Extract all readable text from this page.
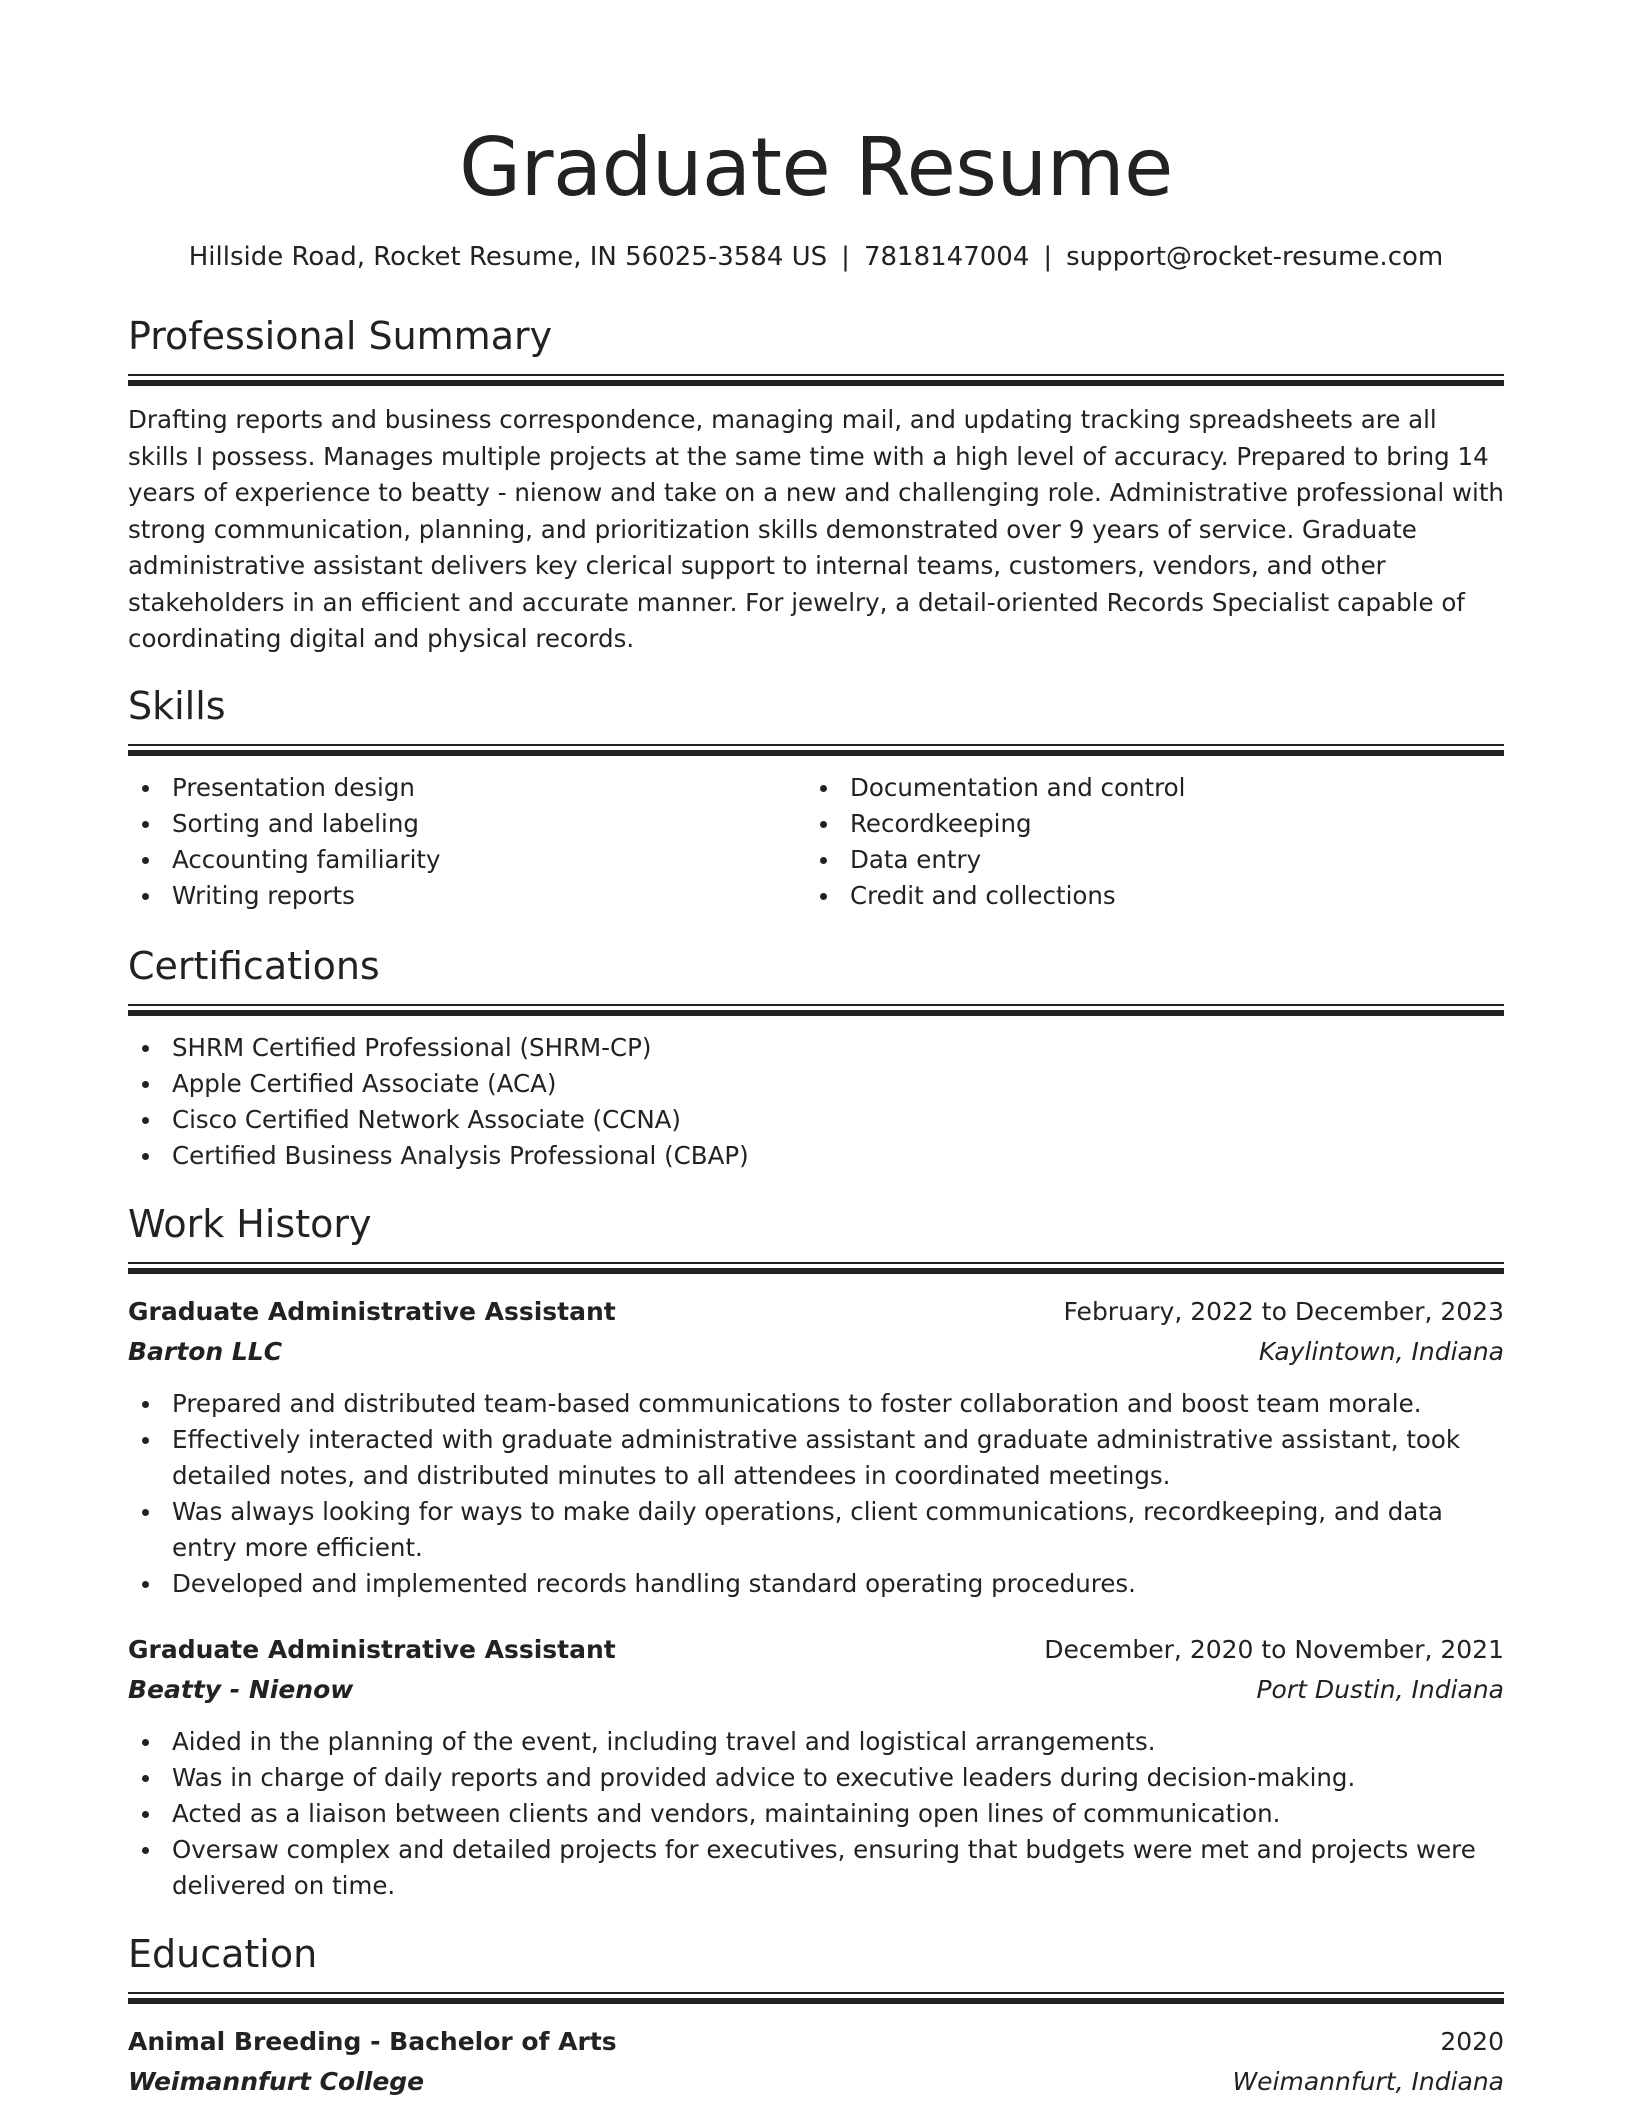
Graduate Resume
Hillside Road, Rocket Resume, IN 56025-3584 US | 7818147004 | support@rocket-resume.com
Professional Summary
Drafting reports and business correspondence, managing mail, and updating tracking spreadsheets are all skills I possess. Manages multiple projects at the same time with a high level of accuracy. Prepared to bring 14 years of experience to beatty - nienow and take on a new and challenging role. Administrative professional with strong communication, planning, and prioritization skills demonstrated over 9 years of service. Graduate administrative assistant delivers key clerical support to internal teams, customers, vendors, and other stakeholders in an efficient and accurate manner. For jewelry, a detail-oriented Records Specialist capable of coordinating digital and physical records.
Skills
Presentation design
Sorting and labeling
Accounting familiarity
Writing reports
Documentation and control
Recordkeeping
Data entry
Credit and collections
Certifications
SHRM Certified Professional (SHRM-CP)
Apple Certified Associate (ACA)
Cisco Certified Network Associate (CCNA)
Certified Business Analysis Professional (CBAP)
Work History
Graduate Administrative Assistant	February, 2022 to December, 2023
Barton LLC	Kaylintown, Indiana
Prepared and distributed team-based communications to foster collaboration and boost team morale.
Effectively interacted with graduate administrative assistant and graduate administrative assistant, took detailed notes, and distributed minutes to all attendees in coordinated meetings.
Was always looking for ways to make daily operations, client communications, recordkeeping, and data entry more efficient.
Developed and implemented records handling standard operating procedures.
Graduate Administrative Assistant	December, 2020 to November, 2021
Beatty - Nienow	Port Dustin, Indiana
Aided in the planning of the event, including travel and logistical arrangements.
Was in charge of daily reports and provided advice to executive leaders during decision-making.
Acted as a liaison between clients and vendors, maintaining open lines of communication.
Oversaw complex and detailed projects for executives, ensuring that budgets were met and projects were delivered on time.
Education
Animal Breeding - Bachelor of Arts	2020
Weimannfurt College	Weimannfurt, Indiana
